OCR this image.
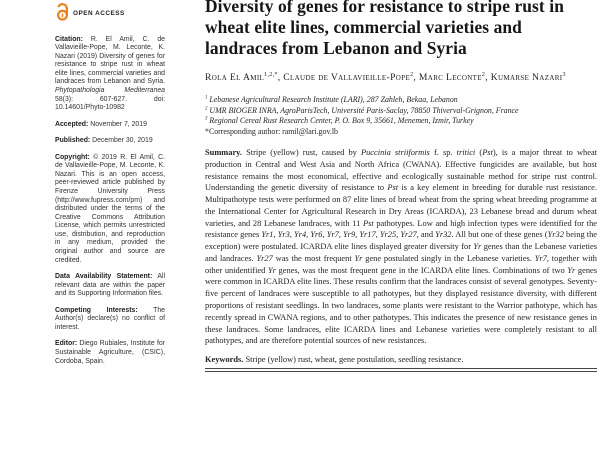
OPEN ACCESS

Citation: R. El Amil, C. de Vallavieille-Pope, M. Leconte, K. Nazari (2019) Diversity of genes for resistance to stripe rust in wheat elite lines, commercial varieties and landraces from Lebanon and Syria. Phytopathologia Mediterranea 58(3): 607-627. doi: 10.14601/Phyto-10982

Accepted: November 7, 2019

Published: December 30, 2019

Copyright: © 2019 R. El Amil, C. de Vallavieille-Pope, M. Leconte, K. Nazari. This is an open access, peer-reviewed article published by Firenze University Press (http://www.fupress.com/pm) and distributed under the terms of the Creative Commons Attribution License, which permits unrestricted use, distribution, and reproduction in any medium, provided the original author and source are credited.

Data Availability Statement: All relevant data are within the paper and its Supporting Information files.

Competing Interests: The Author(s) declare(s) no conflict of interest.

Editor: Diego Rubiales, Institute for Sustainable Agriculture, (CSIC), Cordoba, Spain.

Diversity of genes for resistance to stripe rust in wheat elite lines, commercial varieties and landraces from Lebanon and Syria
Rola El Amil$^{1,2,*}$, Claude de Vallavieille-Pope$^2$, Marc Leconte$^2$, Kumarse Nazari$^3$
$^1$ Lebanese Agricultural Research Institute (LARI), 287 Zahleh, Bekaa, Lebanon
$^2$ UMR BIOGER INRA, AgroParisTech, Université Paris-Saclay, 78850 Thiverval-Grignon, France
$^3$ Regional Cereal Rust Research Center, P. O. Box 9, 35661, Menemen, Izmir, Turkey
*Corresponding author: ramil@lari.gov.lb

Summary. Stripe (yellow) rust, caused by Puccinia striiformis f. sp. tritici (Pst), is a major threat to wheat production in Central and West Asia and North Africa (CWANA). Effective fungicides are available, but host resistance remains the most economical, effective and ecologically sustainable method for stripe rust control. Understanding the genetic diversity of resistance to Pst is a key element in breeding for durable rust resistance. Multipathotype tests were performed on 87 elite lines of bread wheat from the spring wheat breeding programme at the International Center for Agricultural Research in Dry Areas (ICARDA), 23 Lebanese bread and durum wheat varieties, and 28 Lebanese landraces, with 11 Pst pathotypes. Low and high infection types were identified for the resistance genes Yr1, Yr3, Yr4, Yr6, Yr7, Yr9, Yr17, Yr25, Yr27, and Yr32. All but one of these genes (Yr32 being the exception) were postulated. ICARDA elite lines displayed greater diversity for Yr genes than the Lebanese varieties and landraces. Yr27 was the most frequent Yr gene postulated singly in the Lebanese varieties. Yr7, together with other unidentified Yr genes, was the most frequent gene in the ICARDA elite lines. Combinations of two Yr genes were common in ICARDA elite lines. These results confirm that the landraces consist of several genotypes. Seventy-five percent of landraces were susceptible to all pathotypes, but they displayed resistance diversity, with different proportions of resistant seedlings. In two landraces, some plants were resistant to the Warrior pathotype, which has recently spread in CWANA regions, and to other pathotypes. This indicates the presence of new resistance genes in these landraces. Some landraces, elite ICARDA lines and Lebanese varieties were completely resistant to all pathotypes, and are therefore potential sources of new resistances.

Keywords. Stripe (yellow) rust, wheat, gene postulation, seedling resistance.
